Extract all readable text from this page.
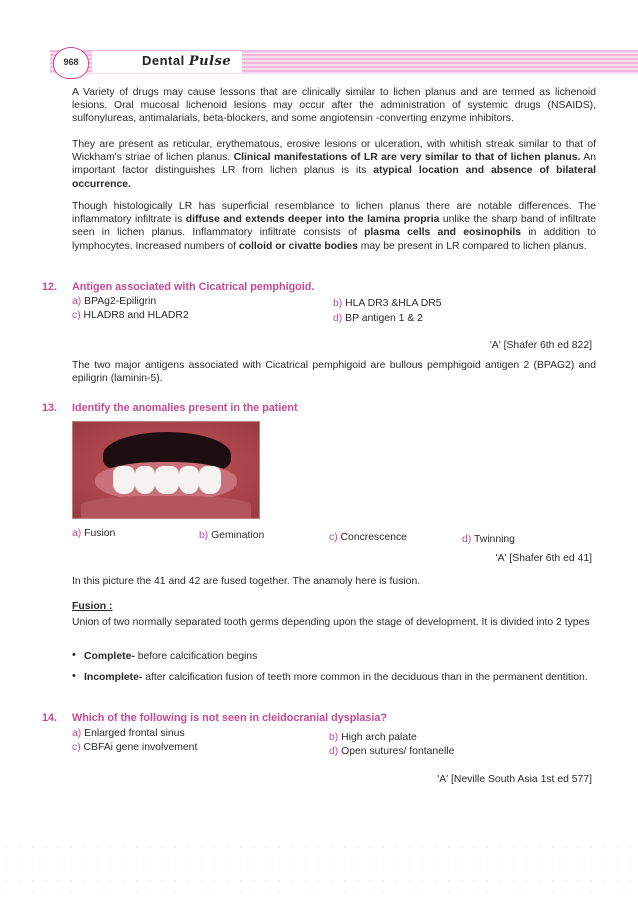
968	Dental Pulse
A Variety of drugs may cause lessons that are clinically similar to lichen planus and are termed as lichenoid lesions. Oral mucosal lichenoid lesions may occur after the administration of systemic drugs (NSAIDS), sulfonylureas, antimalarials, beta-blockers, and some angiotensin -converting enzyme inhibitors.
They are present as reticular, erythematous, erosive lesions or ulceration, with whitish streak similar to that of Wickham's striae of lichen planus. Clinical manifestations of LR are very similar to that of lichen planus. An important factor distinguishes LR from lichen planus is its atypical location and absence of bilateral occurrence.
Though histologically LR has superficial resemblance to lichen planus there are notable differences. The inflammatory infiltrate is diffuse and extends deeper into the lamina propria unlike the sharp band of infiltrate seen in lichen planus. Inflammatory infiltrate consists of plasma cells and eosinophils in addition to lymphocytes. Increased numbers of colloid or civatte bodies may be present in LR compared to lichen planus.
12. Antigen associated with Cicatrical pemphigoid.
a) BPAg2-Epiligrin	b) HLA DR3 &HLA DR5
c) HLADR8 and HLADR2	d) BP antigen 1 & 2
'A' [Shafer 6th ed 822]
The two major antigens associated with Cicatrical pemphigoid are bullous pemphigoid antigen 2 (BPAG2) and epiligrin (laminin-5).
13. Identify the anomalies present in the patient
a) Fusion	b) Gemination	c) Concrescence	d) Twinning
'A' [Shafer 6th ed 41]
In this picture the 41 and 42 are fused together. The anamoly here is fusion.
Fusion :
Union of two normally separated tooth germs depending upon the stage of development. It is divided into 2 types
• Complete- before calcification begins
• Incomplete- after calcification fusion of teeth more common in the deciduous than in the permanent dentition.
14. Which of the following is not seen in cleidocranial dysplasia?
a) Enlarged frontal sinus	b) High arch palate
c) CBFAi gene involvement	d) Open sutures/ fontanelle
'A' [Neville South Asia 1st ed 577]
